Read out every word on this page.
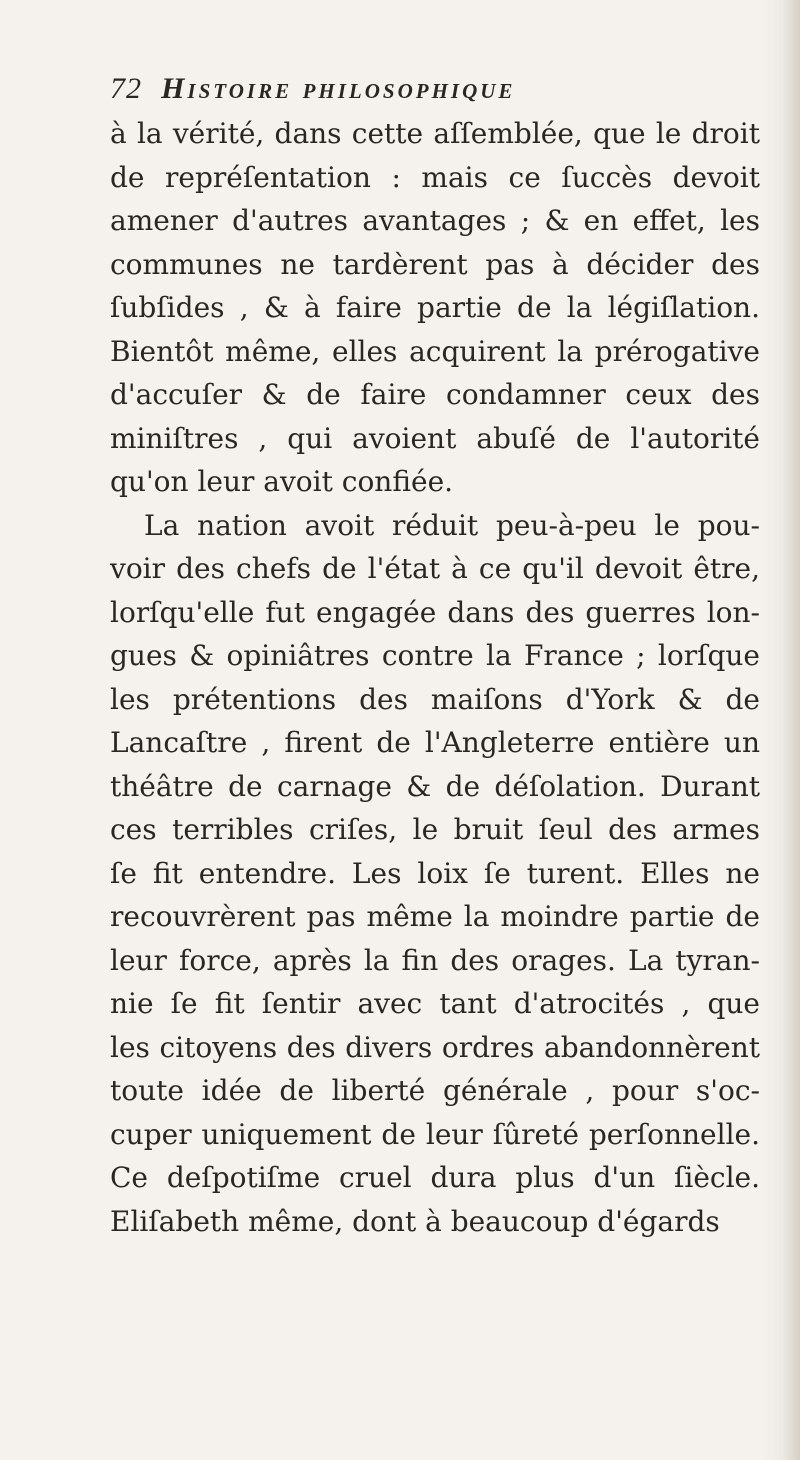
72 Histoire philosophique
à la vérité, dans cette aſſemblée, que le droit
de repréſentation : mais ce ſuccès devoit
amener d'autres avantages ; & en effet, les
communes ne tardèrent pas à décider des
ſubſides , & à faire partie de la légiſlation.
Bientôt même, elles acquirent la prérogative
d'accuſer & de faire condamner ceux des
miniſtres , qui avoient abuſé de l'autorité
qu'on leur avoit confiée.
La nation avoit réduit peu-à-peu le pou-
voir des chefs de l'état à ce qu'il devoit être,
lorſqu'elle fut engagée dans des guerres lon-
gues & opiniâtres contre la France ; lorſque
les prétentions des maiſons d'York & de
Lancaſtre , firent de l'Angleterre entière un
théâtre de carnage & de déſolation. Durant
ces terribles criſes, le bruit ſeul des armes
ſe fit entendre. Les loix ſe turent. Elles ne
recouvrèrent pas même la moindre partie de
leur force, après la fin des orages. La tyran-
nie ſe fit ſentir avec tant d'atrocités , que
les citoyens des divers ordres abandonnèrent
toute idée de liberté générale , pour s'oc-
cuper uniquement de leur ſûreté perſonnelle.
Ce deſpotiſme cruel dura plus d'un ſiècle.
Eliſabeth même, dont à beaucoup d'égards
